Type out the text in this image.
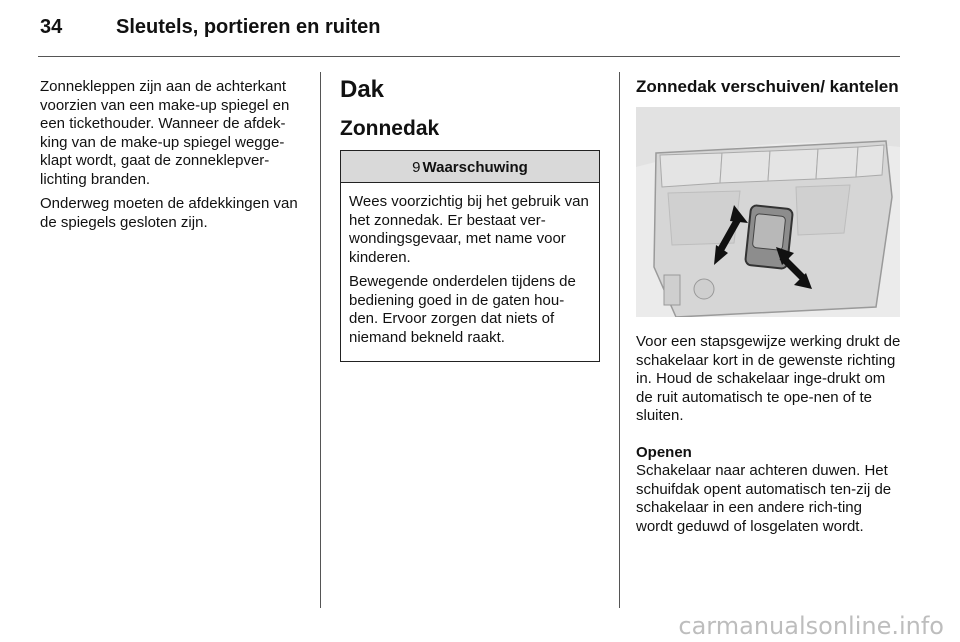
34	Sleutels, portieren en ruiten

Zonnekleppen zijn aan de achterkant voorzien van een make-up spiegel en een tickethouder. Wanneer de afdek-king van de make-up spiegel wegge-klapt wordt, gaat de zonneklepver-lichting branden.

Onderweg moeten de afdekkingen van de spiegels gesloten zijn.

Dak
Zonnedak
9 Waarschuwing

Wees voorzichtig bij het gebruik van het zonnedak. Er bestaat ver-wondingsgevaar, met name voor kinderen.

Bewegende onderdelen tijdens de bediening goed in de gaten hou-den. Ervoor zorgen dat niets of niemand bekneld raakt.

Zonnedak verschuiven/ kantelen

Voor een stapsgewijze werking drukt de schakelaar kort in de gewenste richting in. Houd de schakelaar inge-drukt om de ruit automatisch te ope-nen of te sluiten.

Openen

Schakelaar naar achteren duwen. Het schuifdak opent automatisch ten-zij de schakelaar in een andere rich-ting wordt geduwd of losgelaten wordt.

carmanualsonline.info
